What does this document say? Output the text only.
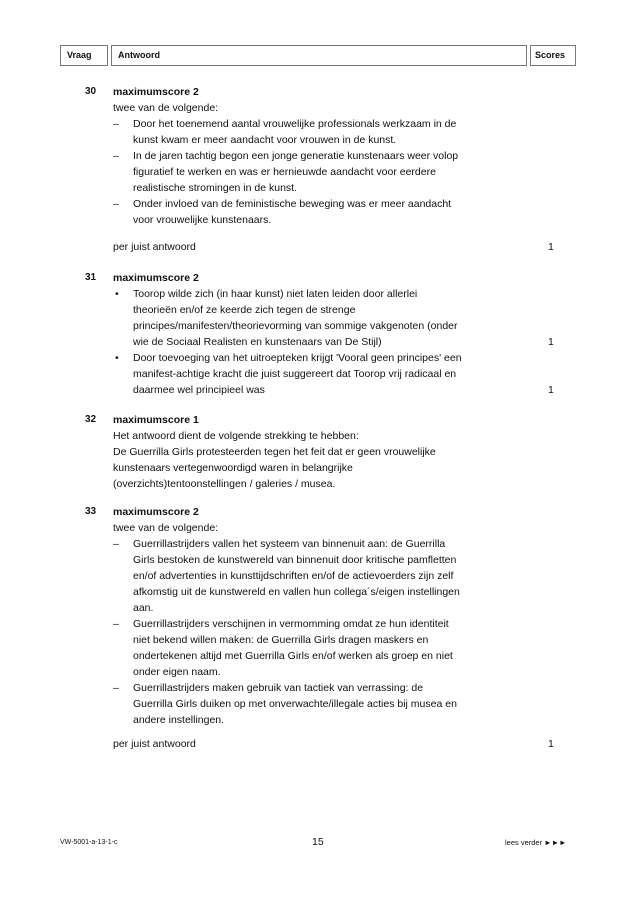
Vraag	Antwoord	Scores
30 maximumscore 2
twee van de volgende:
– Door het toenemend aantal vrouwelijke professionals werkzaam in de
kunst kwam er meer aandacht voor vrouwen in de kunst.
– In de jaren tachtig begon een jonge generatie kunstenaars weer volop
figuratief te werken en was er hernieuwde aandacht voor eerdere
realistische stromingen in de kunst.
– Onder invloed van de feministische beweging was er meer aandacht
voor vrouwelijke kunstenaars.
per juist antwoord	1
31 maximumscore 2
• Toorop wilde zich (in haar kunst) niet laten leiden door allerlei
theorieën en/of ze keerde zich tegen de strenge
principes/manifesten/theorievorming van sommige vakgenoten (onder
wie de Sociaal Realisten en kunstenaars van De Stijl)	1
• Door toevoeging van het uitroepteken krijgt 'Vooral geen principes' een
manifest-achtige kracht die juist suggereert dat Toorop vrij radicaal en
daarmee wel principieel was	1
32 maximumscore 1
Het antwoord dient de volgende strekking te hebben:
De Guerrilla Girls protesteerden tegen het feit dat er geen vrouwelijke
kunstenaars vertegenwoordigd waren in belangrijke
(overzichts)tentoonstellingen / galeries / musea.
33 maximumscore 2
twee van de volgende:
– Guerrillastrijders vallen het systeem van binnenuit aan: de Guerrilla
Girls bestoken de kunstwereld van binnenuit door kritische pamfletten
en/of advertenties in kunsttijdschriften en/of de actievoerders zijn zelf
afkomstig uit de kunstwereld en vallen hun collega´s/eigen instellingen
aan.
– Guerrillastrijders verschijnen in vermomming omdat ze hun identiteit
niet bekend willen maken: de Guerrilla Girls dragen maskers en
ondertekenen altijd met Guerrilla Girls en/of werken als groep en niet
onder eigen naam.
– Guerrillastrijders maken gebruik van tactiek van verrassing: de
Guerrilla Girls duiken op met onverwachte/illegale acties bij musea en
andere instellingen.
per juist antwoord	1
VW-5001-a-13-1-c	15	lees verder ►►►
